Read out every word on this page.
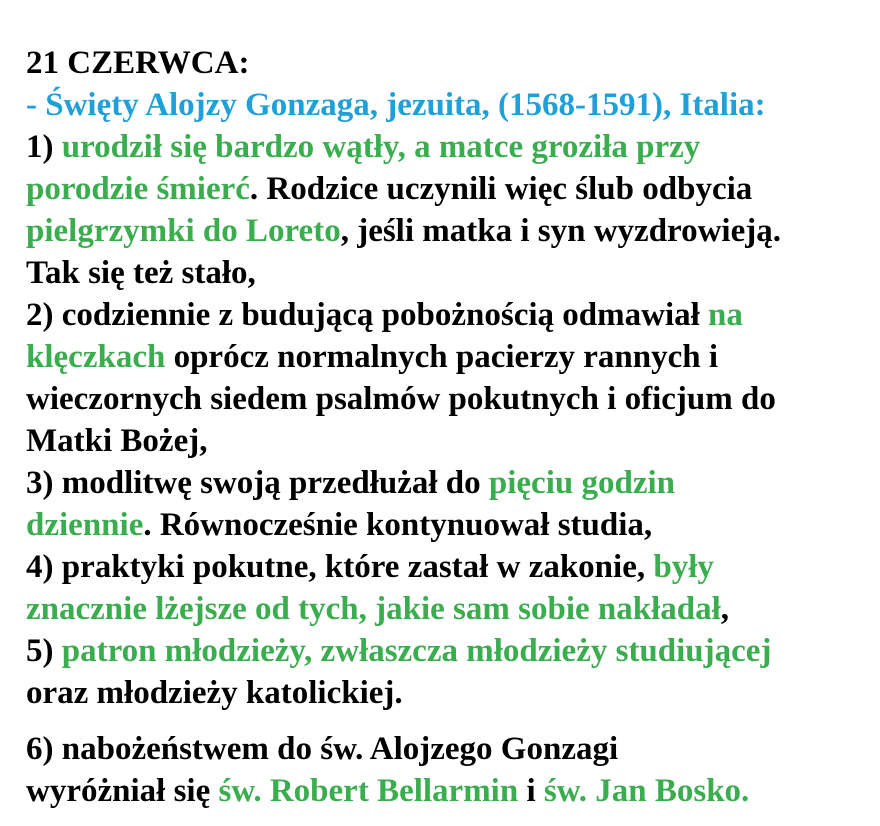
21 CZERWCA:
- Święty Alojzy Gonzaga, jezuita, (1568-1591), Italia:
1) urodził się bardzo wątły, a matce groziła przy
porodzie śmierć. Rodzice uczynili więc ślub odbycia
pielgrzymki do Loreto, jeśli matka i syn wyzdrowieją.
Tak się też stało,
2) codziennie z budującą pobożnością odmawiał na
klęczkach oprócz normalnych pacierzy rannych i
wieczornych siedem psalmów pokutnych i oficjum do
Matki Bożej,
3) modlitwę swoją przedłużał do pięciu godzin
dziennie. Równocześnie kontynuował studia,
4) praktyki pokutne, które zastał w zakonie, były
znacznie lżejsze od tych, jakie sam sobie nakładał,
5) patron młodzieży, zwłaszcza młodzieży studiującej
oraz młodzieży katolickiej.
6) nabożeństwem do św. Alojzego Gonzagi
wyróżniał się św. Robert Bellarmin i św. Jan Bosko.
